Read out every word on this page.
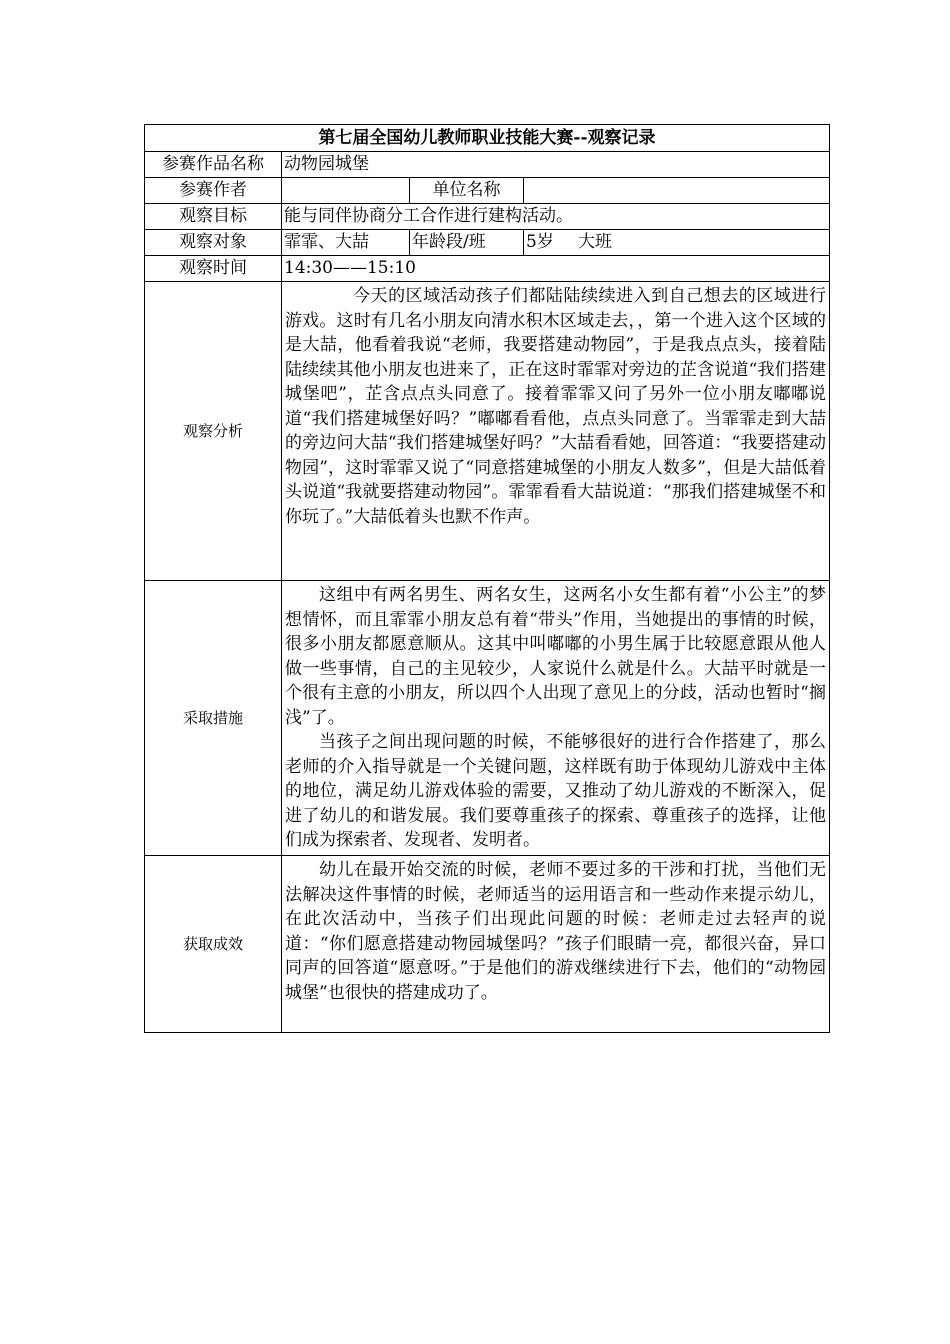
第七届全国幼儿教师职业技能大赛--观察记录			
参赛作品名称	动物园城堡		
参赛作者		单位名称	
观察目标	能与同伴协商分工合作进行建构活动。		
观察对象	霏霏、大喆	年龄段/班	5岁 大班
观察时间	14:30——15:10		
观察分析	今天的区域活动孩子们都陆陆续续进入到自己想去的区域进行游戏。这时有几名小朋友向清水积木区域走去，，第一个进入这个区域的是大喆，他看着我说“老师，我要搭建动物园”，于是我点点头，接着陆陆续续其他小朋友也进来了，正在这时霏霏对旁边的芷含说道“我们搭建城堡吧”，芷含点点头同意了。接着霏霏又问了另外一位小朋友嘟嘟说道“我们搭建城堡好吗？”嘟嘟看看他，点点头同意了。当霏霏走到大喆的旁边问大喆“我们搭建城堡好吗？”大喆看看她，回答道：“我要搭建动物园”，这时霏霏又说了“同意搭建城堡的小朋友人数多”，但是大喆低着头说道“我就要搭建动物园”。霏霏看看大喆说道：“那我们搭建城堡不和你玩了。”大喆低着头也默不作声。		

采取措施	这组中有两名男生、两名女生，这两名小女生都有着“小公主”的梦想情怀，而且霏霏小朋友总有着“带头”作用，当她提出的事情的时候，很多小朋友都愿意顺从。这其中叫嘟嘟的小男生属于比较愿意跟从他人做一些事情，自己的主见较少，人家说什么就是什么。大喆平时就是一个很有主意的小朋友，所以四个人出现了意见上的分歧，活动也暂时“搁浅”了。

当孩子之间出现问题的时候，不能够很好的进行合作搭建了，那么老师的介入指导就是一个关键问题，这样既有助于体现幼儿游戏中主体的地位，满足幼儿游戏体验的需要，又推动了幼儿游戏的不断深入，促进了幼儿的和谐发展。我们要尊重孩子的探索、尊重孩子的选择，让他们成为探索者、发现者、发明者。		

获取成效	幼儿在最开始交流的时候，老师不要过多的干涉和打扰，当他们无法解决这件事情的时候，老师适当的运用语言和一些动作来提示幼儿，在此次活动中，当孩子们出现此问题的时候：老师走过去轻声的说道：“你们愿意搭建动物园城堡吗？”孩子们眼睛一亮，都很兴奋，异口同声的回答道“愿意呀。”于是他们的游戏继续进行下去，他们的“动物园城堡”也很快的搭建成功了。		
